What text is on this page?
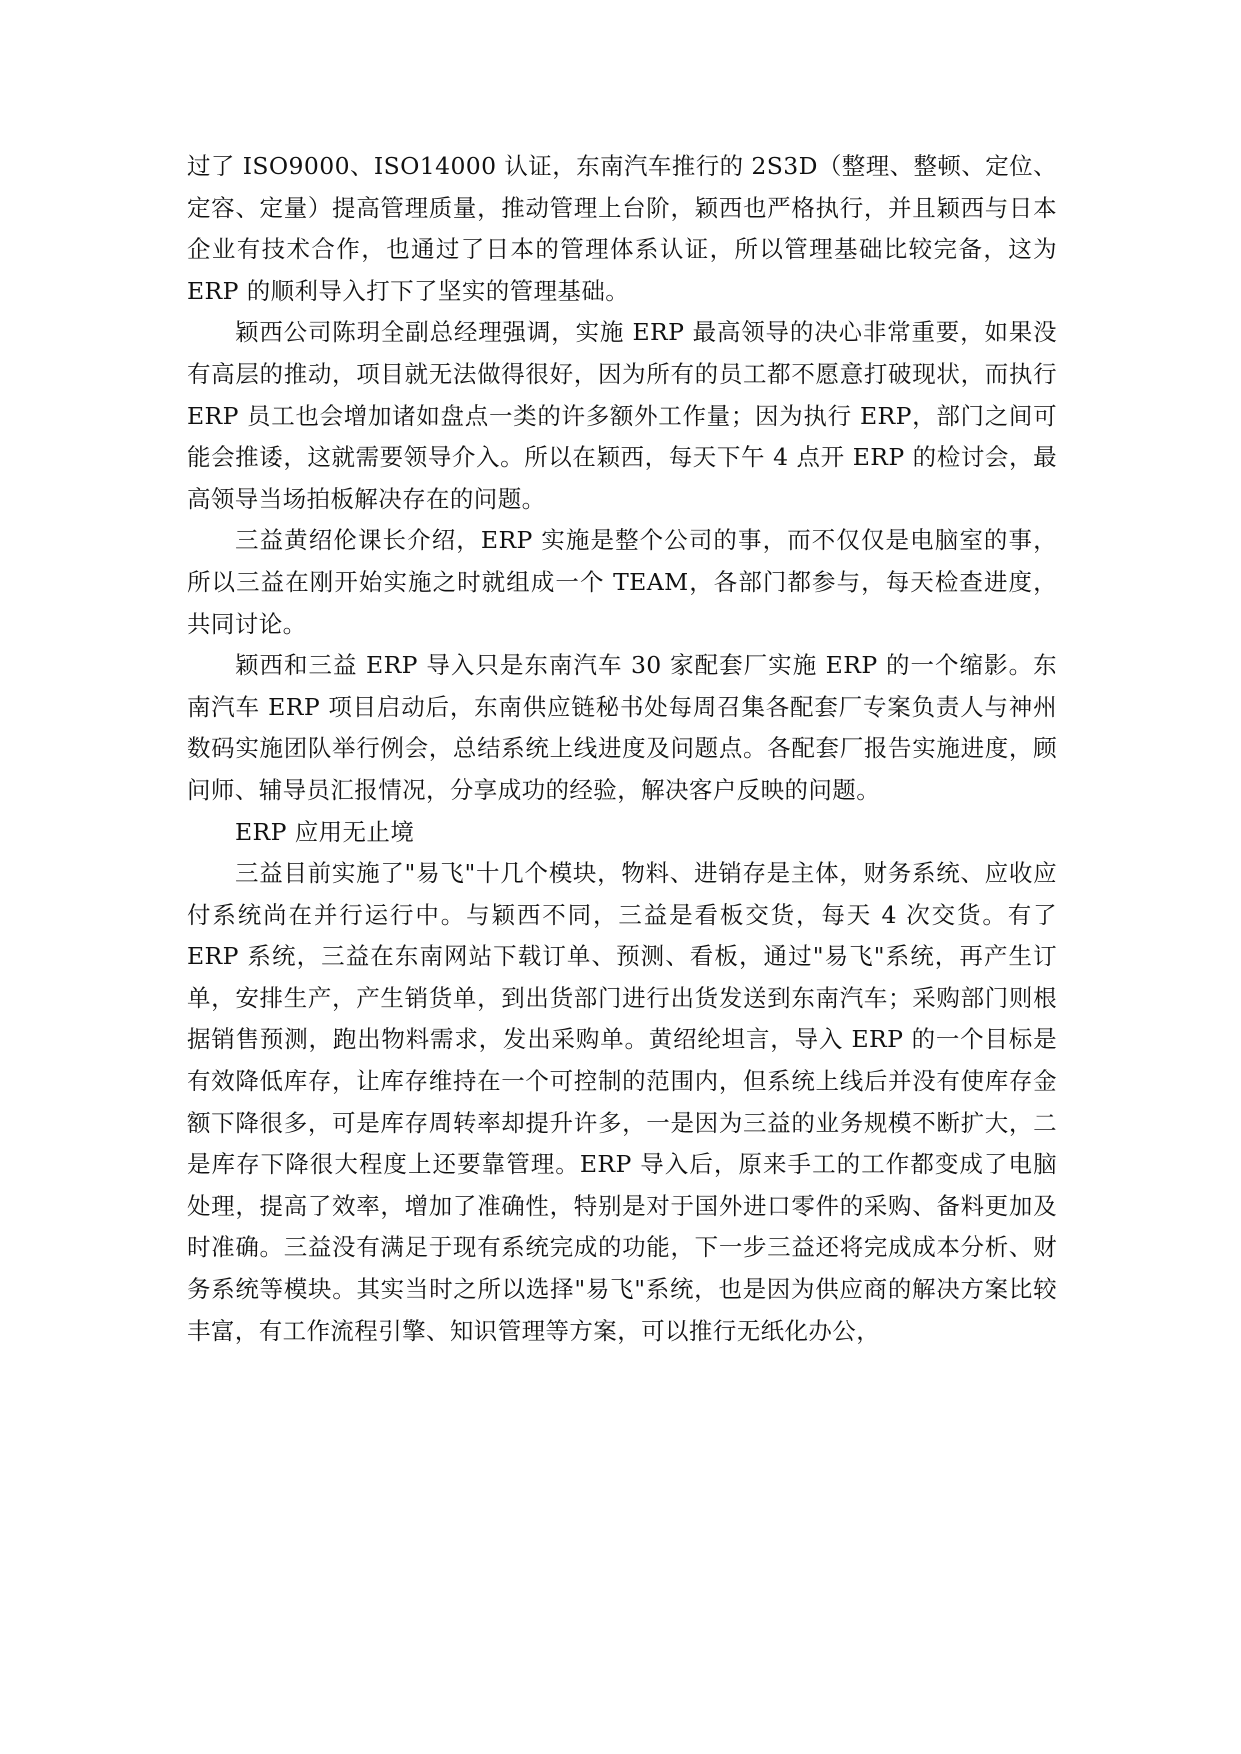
过了 ISO9000、ISO14000 认证，东南汽车推行的 2S3D（整理、整顿、定位、定容、定量）提高管理质量，推动管理上台阶，颖西也严格执行，并且颖西与日本企业有技术合作，也通过了日本的管理体系认证，所以管理基础比较完备，这为 ERP 的顺利导入打下了坚实的管理基础。

颖西公司陈玥全副总经理强调，实施 ERP 最高领导的决心非常重要，如果没有高层的推动，项目就无法做得很好，因为所有的员工都不愿意打破现状，而执行 ERP 员工也会增加诸如盘点一类的许多额外工作量；因为执行 ERP，部门之间可能会推诿，这就需要领导介入。所以在颖西，每天下午 4 点开 ERP 的检讨会，最高领导当场拍板解决存在的问题。

三益黄绍伦课长介绍，ERP 实施是整个公司的事，而不仅仅是电脑室的事，所以三益在刚开始实施之时就组成一个 TEAM，各部门都参与，每天检查进度，共同讨论。

颖西和三益 ERP 导入只是东南汽车 30 家配套厂实施 ERP 的一个缩影。东南汽车 ERP 项目启动后，东南供应链秘书处每周召集各配套厂专案负责人与神州数码实施团队举行例会，总结系统上线进度及问题点。各配套厂报告实施进度，顾问师、辅导员汇报情况，分享成功的经验，解决客户反映的问题。

ERP 应用无止境

三益目前实施了"易飞"十几个模块，物料、进销存是主体，财务系统、应收应付系统尚在并行运行中。与颖西不同，三益是看板交货，每天 4 次交货。有了 ERP 系统，三益在东南网站下载订单、预测、看板，通过"易飞"系统，再产生订单，安排生产，产生销货单，到出货部门进行出货发送到东南汽车；采购部门则根据销售预测，跑出物料需求，发出采购单。黄绍纶坦言，导入 ERP 的一个目标是有效降低库存，让库存维持在一个可控制的范围内，但系统上线后并没有使库存金额下降很多，可是库存周转率却提升许多，一是因为三益的业务规模不断扩大，二是库存下降很大程度上还要靠管理。ERP 导入后，原来手工的工作都变成了电脑处理，提高了效率，增加了准确性，特别是对于国外进口零件的采购、备料更加及时准确。三益没有满足于现有系统完成的功能，下一步三益还将完成成本分析、财务系统等模块。其实当时之所以选择"易飞"系统，也是因为供应商的解决方案比较丰富，有工作流程引擎、知识管理等方案，可以推行无纸化办公，
